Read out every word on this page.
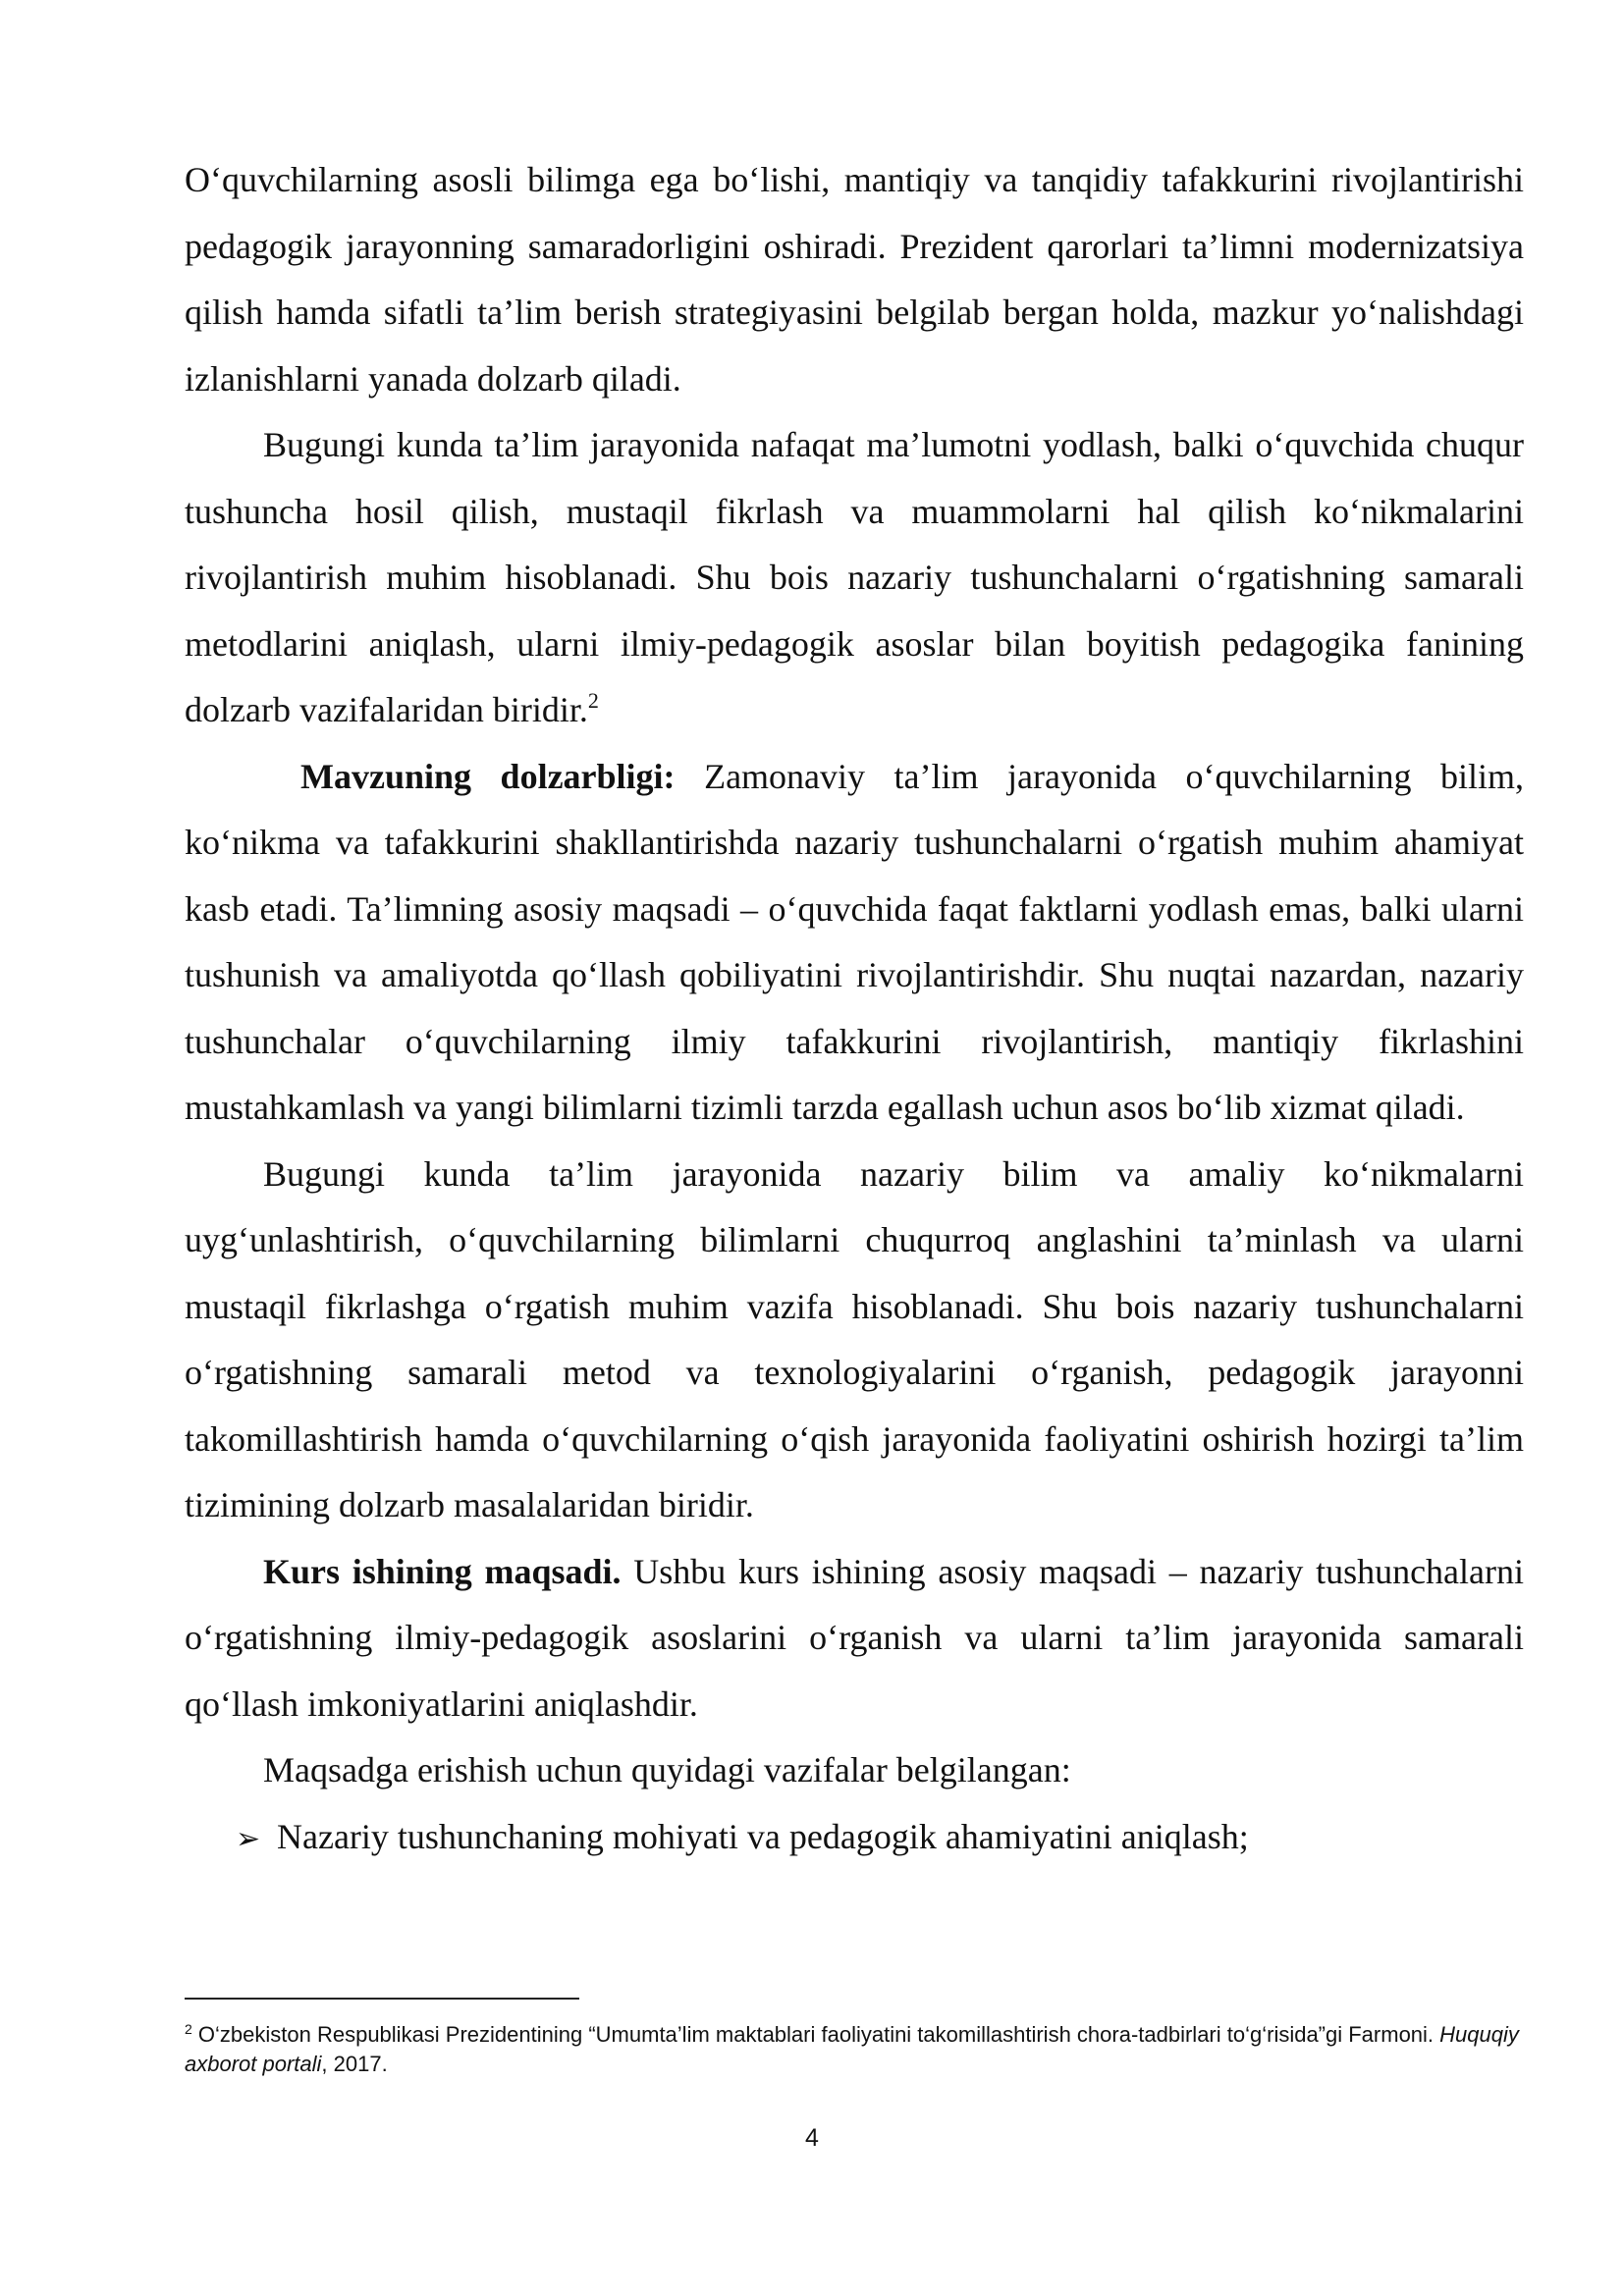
O‘quvchilarning asosli bilimga ega bo‘lishi, mantiqiy va tanqidiy tafakkurini rivojlantirishi pedagogik jarayonning samaradorligini oshiradi. Prezident qarorlari ta’limni modernizatsiya qilish hamda sifatli ta’lim berish strategiyasini belgilab bergan holda, mazkur yo‘nalishdagi izlanishlarni yanada dolzarb qiladi.

Bugungi kunda ta’lim jarayonida nafaqat ma’lumotni yodlash, balki o‘quvchida chuqur tushuncha hosil qilish, mustaqil fikrlash va muammolarni hal qilish ko‘nikmalarini rivojlantirish muhim hisoblanadi. Shu bois nazariy tushunchalarni o‘rgatishning samarali metodlarini aniqlash, ularni ilmiy-pedagogik asoslar bilan boyitish pedagogika fanining dolzarb vazifalaridan biridir.$^2$

Mavzuning dolzarbligi: Zamonaviy ta’lim jarayonida o‘quvchilarning bilim, ko‘nikma va tafakkurini shakllantirishda nazariy tushunchalarni o‘rgatish muhim ahamiyat kasb etadi. Ta’limning asosiy maqsadi – o‘quvchida faqat faktlarni yodlash emas, balki ularni tushunish va amaliyotda qo‘llash qobiliyatini rivojlantirishdir. Shu nuqtai nazardan, nazariy tushunchalar o‘quvchilarning ilmiy tafakkurini rivojlantirish, mantiqiy fikrlashini mustahkamlash va yangi bilimlarni tizimli tarzda egallash uchun asos bo‘lib xizmat qiladi.

Bugungi kunda ta’lim jarayonida nazariy bilim va amaliy ko‘nikmalarni uyg‘unlashtirish, o‘quvchilarning bilimlarni chuqurroq anglashini ta’minlash va ularni mustaqil fikrlashga o‘rgatish muhim vazifa hisoblanadi. Shu bois nazariy tushunchalarni o‘rgatishning samarali metod va texnologiyalarini o‘rganish, pedagogik jarayonni takomillashtirish hamda o‘quvchilarning o‘qish jarayonida faoliyatini oshirish hozirgi ta’lim tizimining dolzarb masalalaridan biridir.

Kurs ishining maqsadi. Ushbu kurs ishining asosiy maqsadi – nazariy tushunchalarni o‘rgatishning ilmiy-pedagogik asoslarini o‘rganish va ularni ta’lim jarayonida samarali qo‘llash imkoniyatlarini aniqlashdir.

Maqsadga erishish uchun quyidagi vazifalar belgilangan:

➢ Nazariy tushunchaning mohiyati va pedagogik ahamiyatini aniqlash;

$^2$ O‘zbekiston Respublikasi Prezidentining “Umumta’lim maktablari faoliyatini takomillashtirish chora-tadbirlari to‘g‘risida”gi Farmoni. Huquqiy axborot portali, 2017.

4
